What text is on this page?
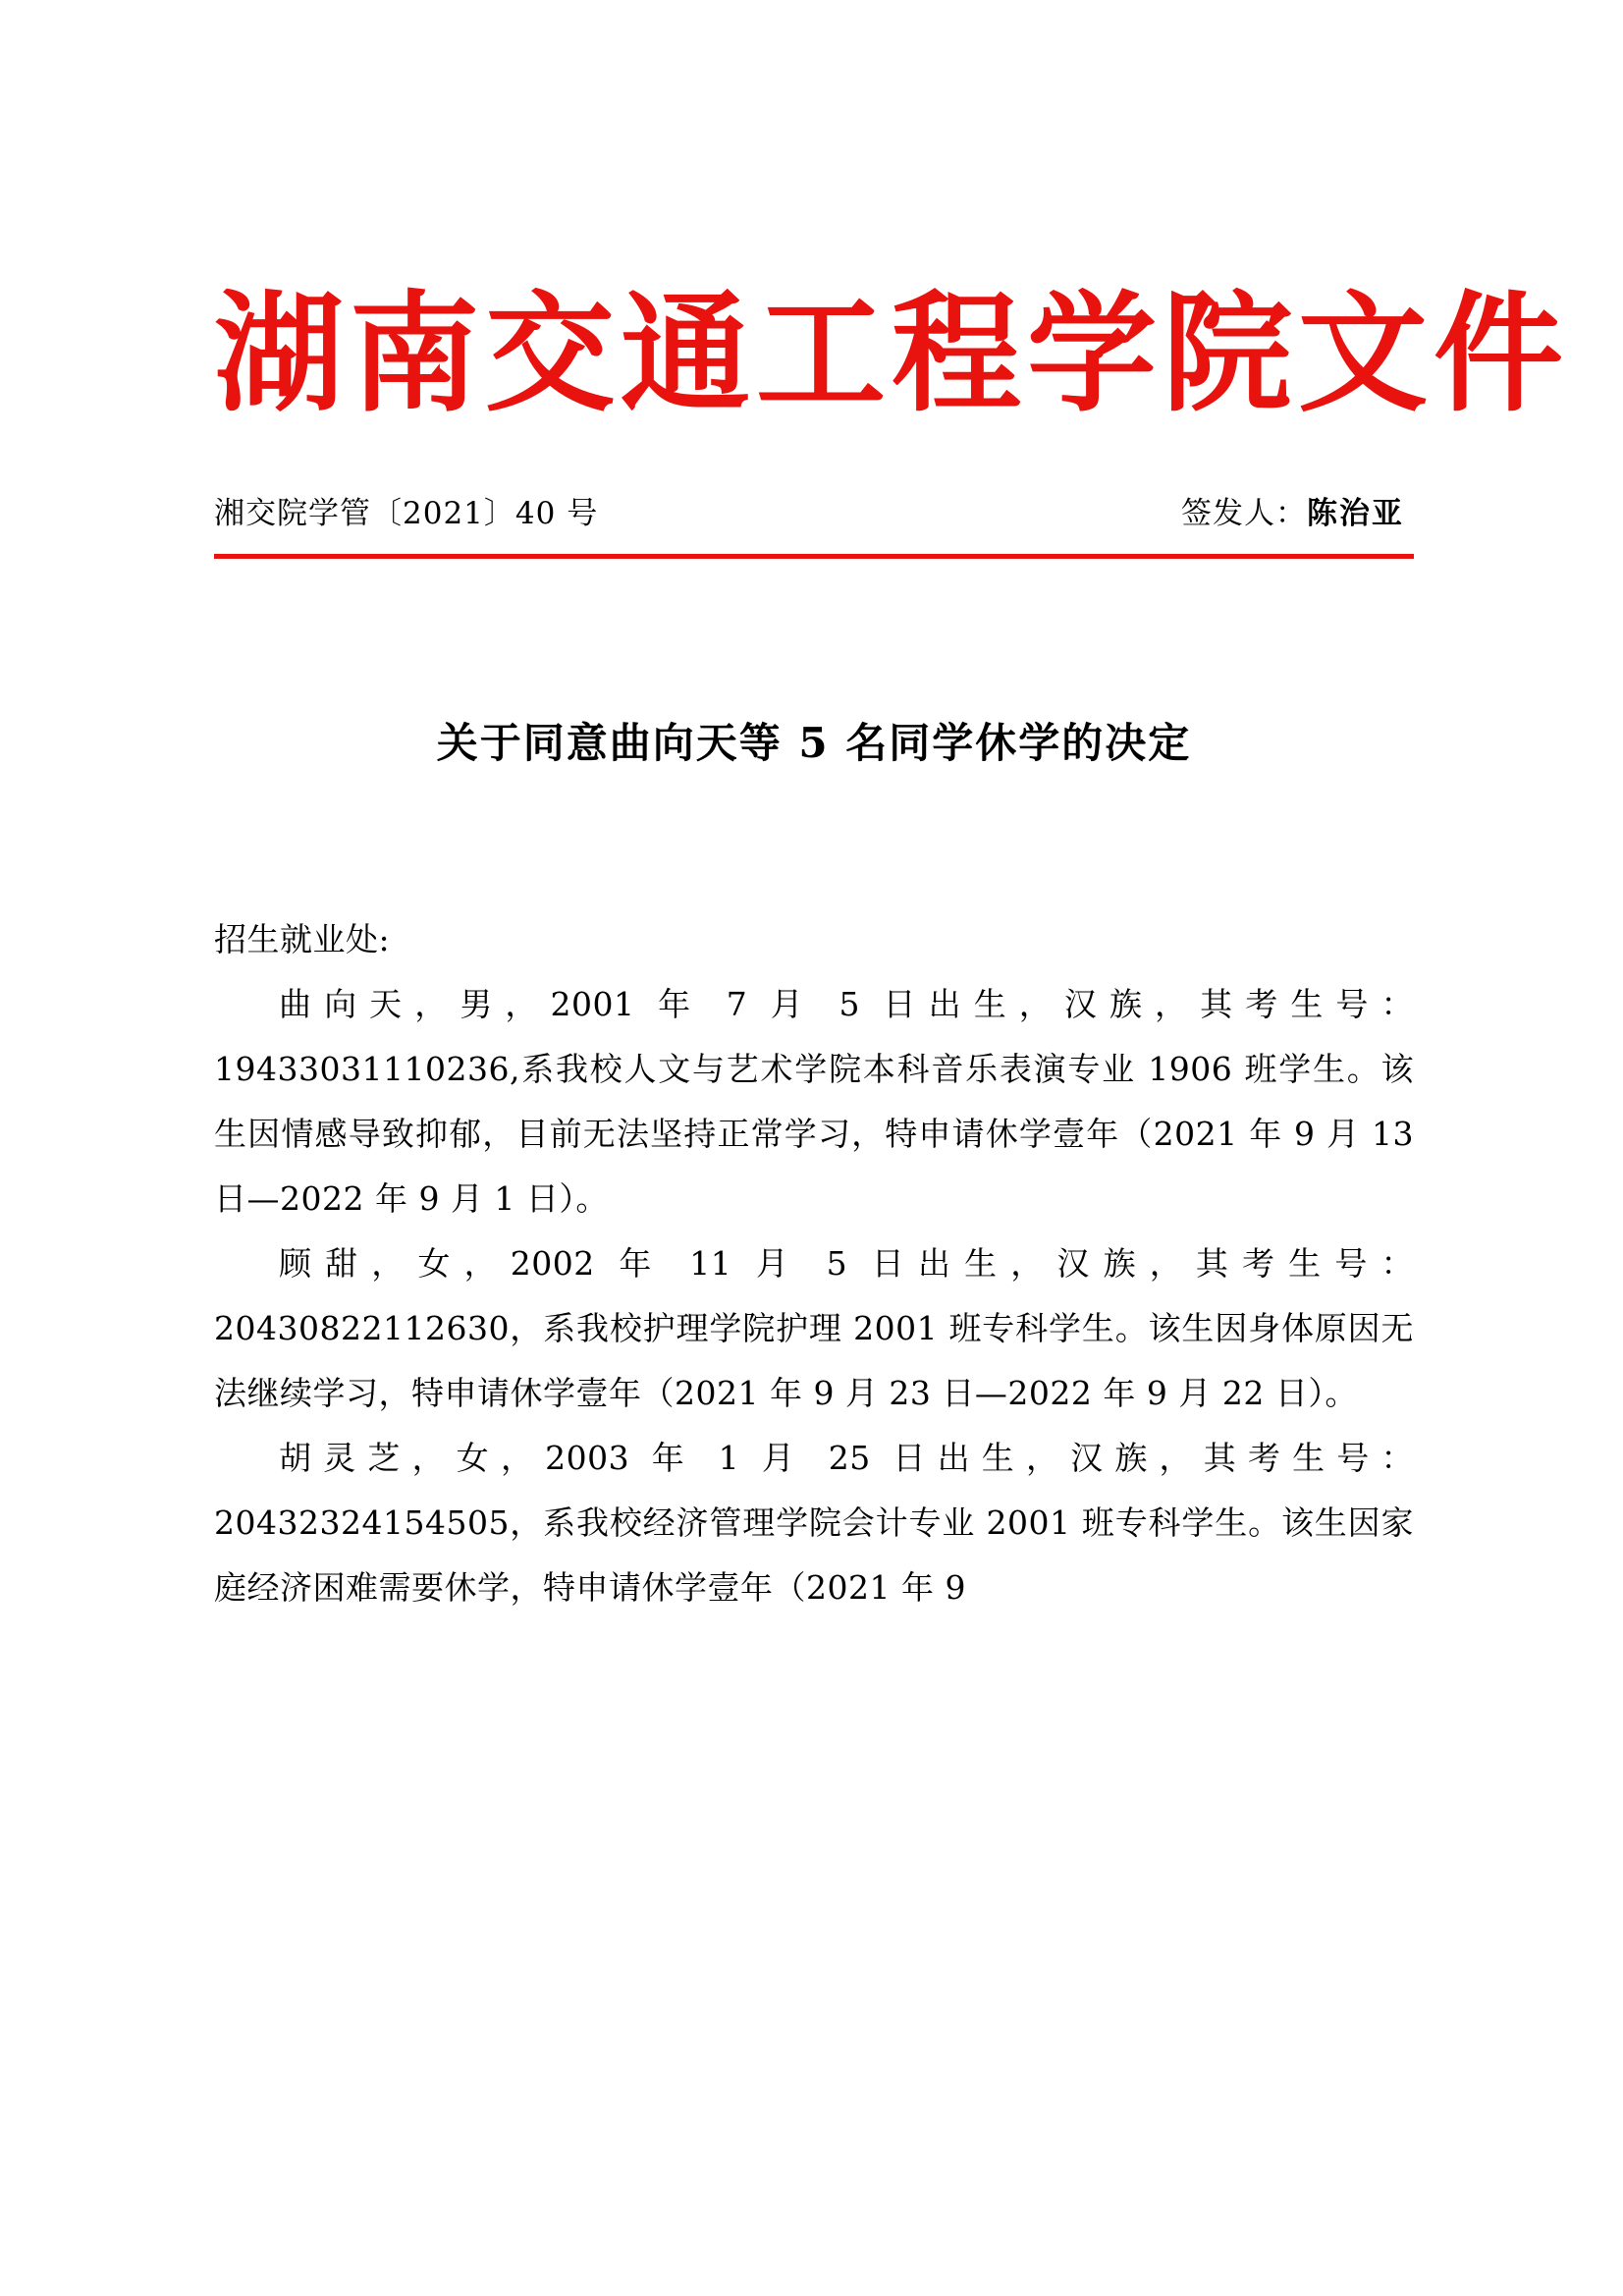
湖南交通工程学院文件
湘交院学管〔2021〕40 号	签发人：陈治亚
关于同意曲向天等 5 名同学休学的决定

招生就业处:

曲向天，男，2001 年 7 月 5 日出生，汉族，其考生号：19433031110236,系我校人文与艺术学院本科音乐表演专业 1906 班学生。该生因情感导致抑郁，目前无法坚持正常学习，特申请休学壹年（2021 年 9 月 13 日—2022 年 9 月 1 日）。

顾甜，女，2002 年 11 月 5 日出生，汉族，其考生号：20430822112630，系我校护理学院护理 2001 班专科学生。该生因身体原因无法继续学习，特申请休学壹年（2021 年 9 月 23 日—2022 年 9 月 22 日）。

胡灵芝，女，2003 年 1 月 25 日出生，汉族，其考生号：20432324154505，系我校经济管理学院会计专业 2001 班专科学生。该生因家庭经济困难需要休学，特申请休学壹年（2021 年 9
